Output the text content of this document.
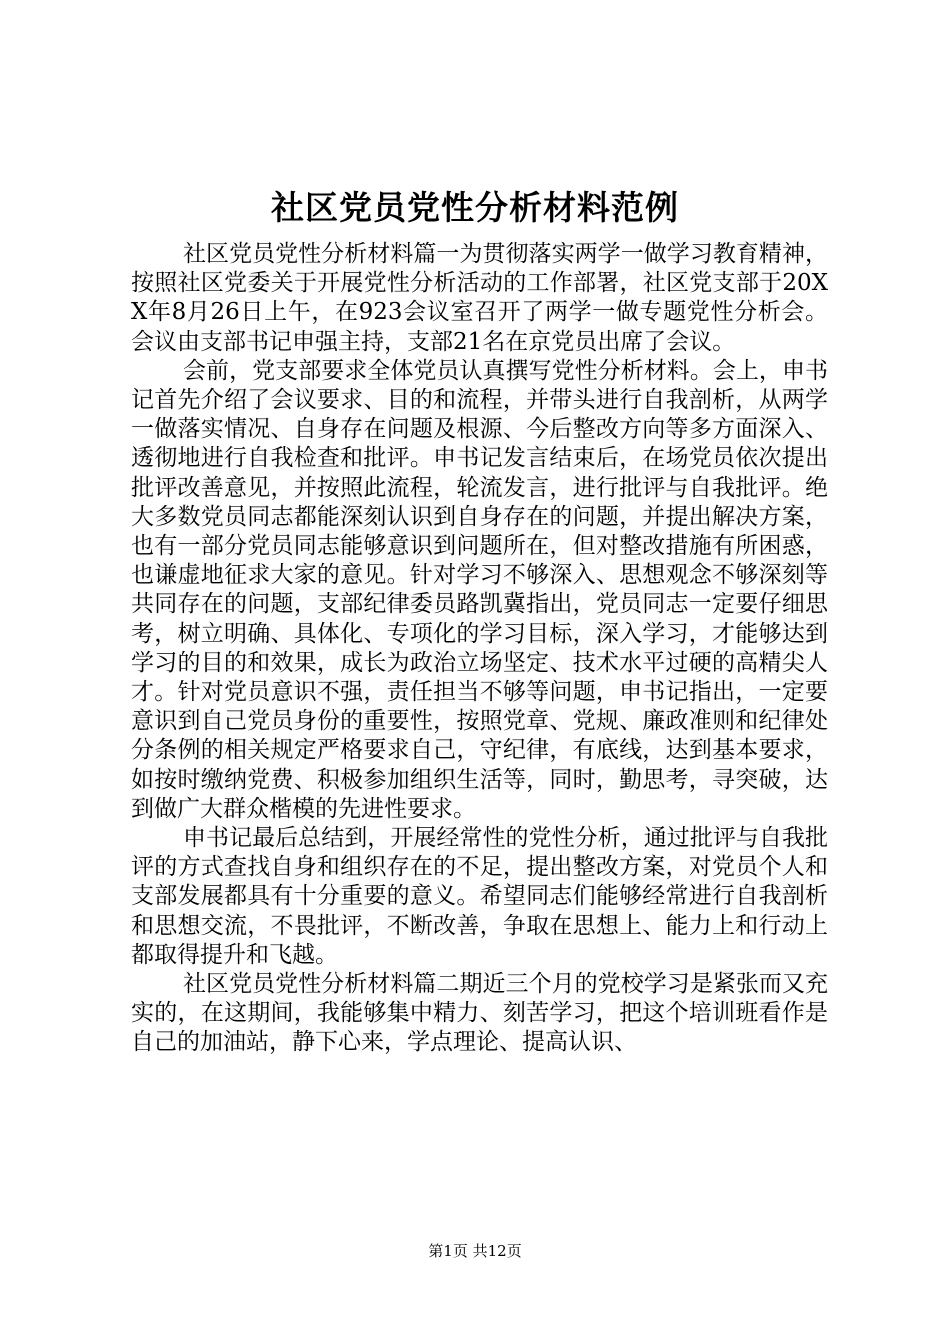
社区党员党性分析材料范例

社区党员党性分析材料篇一为贯彻落实两学一做学习教育精神，按照社区党委关于开展党性分析活动的工作部署，社区党支部于20XX年8月26日上午，在923会议室召开了两学一做专题党性分析会。会议由支部书记申强主持，支部21名在京党员出席了会议。

会前，党支部要求全体党员认真撰写党性分析材料。会上，申书记首先介绍了会议要求、目的和流程，并带头进行自我剖析，从两学一做落实情况、自身存在问题及根源、今后整改方向等多方面深入、透彻地进行自我检查和批评。申书记发言结束后，在场党员依次提出批评改善意见，并按照此流程，轮流发言，进行批评与自我批评。绝大多数党员同志都能深刻认识到自身存在的问题，并提出解决方案，也有一部分党员同志能够意识到问题所在，但对整改措施有所困惑，也谦虚地征求大家的意见。针对学习不够深入、思想观念不够深刻等共同存在的问题，支部纪律委员路凯冀指出，党员同志一定要仔细思考，树立明确、具体化、专项化的学习目标，深入学习，才能够达到学习的目的和效果，成长为政治立场坚定、技术水平过硬的高精尖人才。针对党员意识不强，责任担当不够等问题，申书记指出，一定要意识到自己党员身份的重要性，按照党章、党规、廉政准则和纪律处分条例的相关规定严格要求自己，守纪律，有底线，达到基本要求，如按时缴纳党费、积极参加组织生活等，同时，勤思考，寻突破，达到做广大群众楷模的先进性要求。

申书记最后总结到，开展经常性的党性分析，通过批评与自我批评的方式查找自身和组织存在的不足，提出整改方案，对党员个人和支部发展都具有十分重要的意义。希望同志们能够经常进行自我剖析和思想交流，不畏批评，不断改善，争取在思想上、能力上和行动上都取得提升和飞越。

社区党员党性分析材料篇二期近三个月的党校学习是紧张而又充实的，在这期间，我能够集中精力、刻苦学习，把这个培训班看作是自己的加油站，静下心来，学点理论、提高认识、

第1页 共12页
